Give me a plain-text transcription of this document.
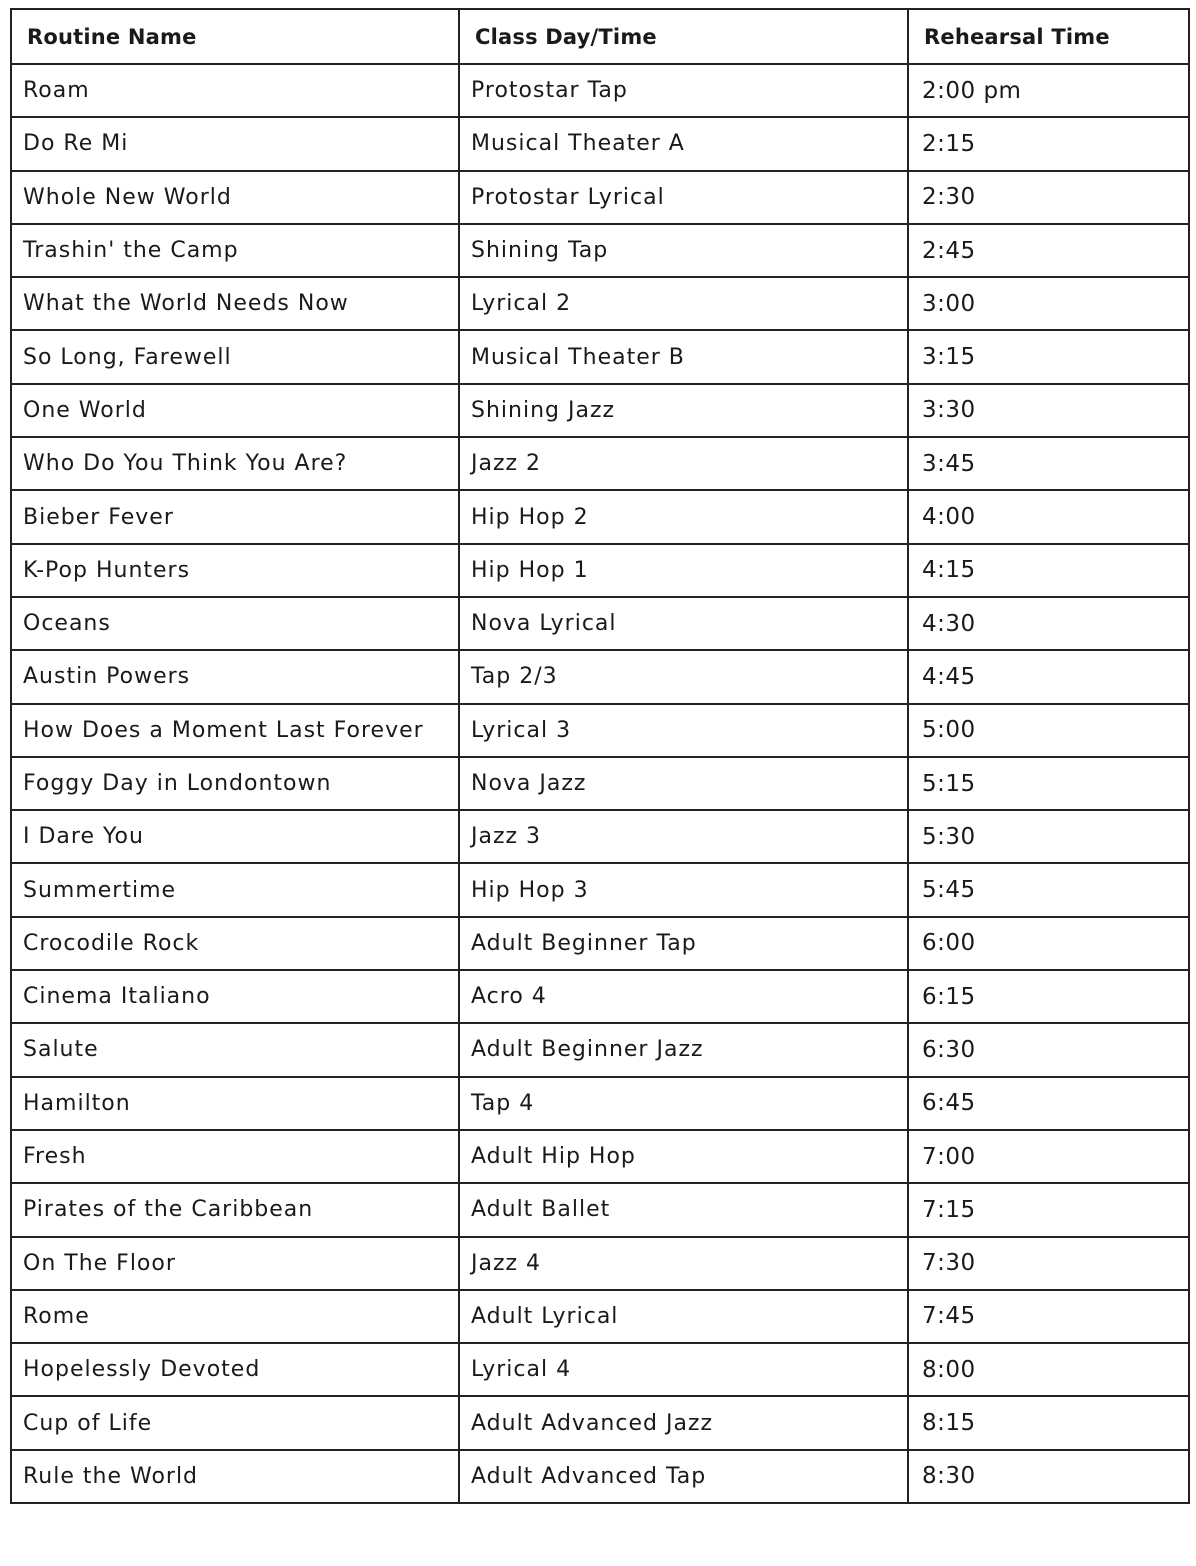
Routine Name	Class Day/Time	Rehearsal Time
Roam	Protostar Tap	2:00 pm
Do Re Mi	Musical Theater A	2:15
Whole New World	Protostar Lyrical	2:30
Trashin' the Camp	Shining Tap	2:45
What the World Needs Now	Lyrical 2	3:00
So Long, Farewell	Musical Theater B	3:15
One World	Shining Jazz	3:30
Who Do You Think You Are?	Jazz 2	3:45
Bieber Fever	Hip Hop 2	4:00
K-Pop Hunters	Hip Hop 1	4:15
Oceans	Nova Lyrical	4:30
Austin Powers	Tap 2/3	4:45
How Does a Moment Last Forever	Lyrical 3	5:00
Foggy Day in Londontown	Nova Jazz	5:15
I Dare You	Jazz 3	5:30
Summertime	Hip Hop 3	5:45
Crocodile Rock	Adult Beginner Tap	6:00
Cinema Italiano	Acro 4	6:15
Salute	Adult Beginner Jazz	6:30
Hamilton	Tap 4	6:45
Fresh	Adult Hip Hop	7:00
Pirates of the Caribbean	Adult Ballet	7:15
On The Floor	Jazz 4	7:30
Rome	Adult Lyrical	7:45
Hopelessly Devoted	Lyrical 4	8:00
Cup of Life	Adult Advanced Jazz	8:15
Rule the World	Adult Advanced Tap	8:30
